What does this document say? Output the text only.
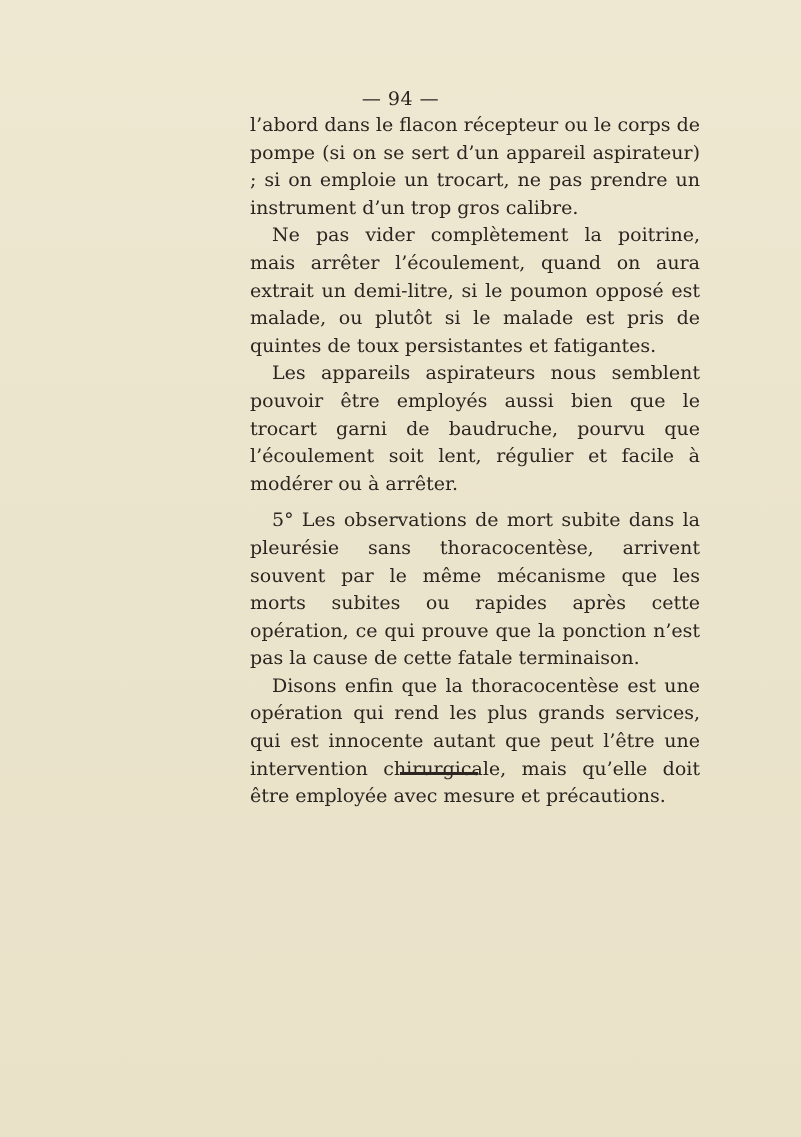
— 94 —

l’abord dans le flacon récepteur ou le corps de pompe (si on se sert d’un appareil aspirateur) ; si on emploie un trocart, ne pas prendre un instrument d’un trop gros calibre.

Ne pas vider complètement la poitrine, mais arrêter l’écoulement, quand on aura extrait un demi-litre, si le poumon opposé est malade, ou plutôt si le malade est pris de quintes de toux persistantes et fatigantes.

Les appareils aspirateurs nous semblent pouvoir être employés aussi bien que le trocart garni de baudruche, pourvu que l’écoulement soit lent, régulier et facile à modérer ou à arrêter.

5° Les observations de mort subite dans la pleurésie sans thoracocentèse, arrivent souvent par le même mécanisme que les morts subites ou rapides après cette opération, ce qui prouve que la ponction n’est pas la cause de cette fatale terminaison.

Disons enfin que la thoracocentèse est une opération qui rend les plus grands services, qui est innocente autant que peut l’être une intervention chirurgicale, mais qu’elle doit être employée avec mesure et précautions.
